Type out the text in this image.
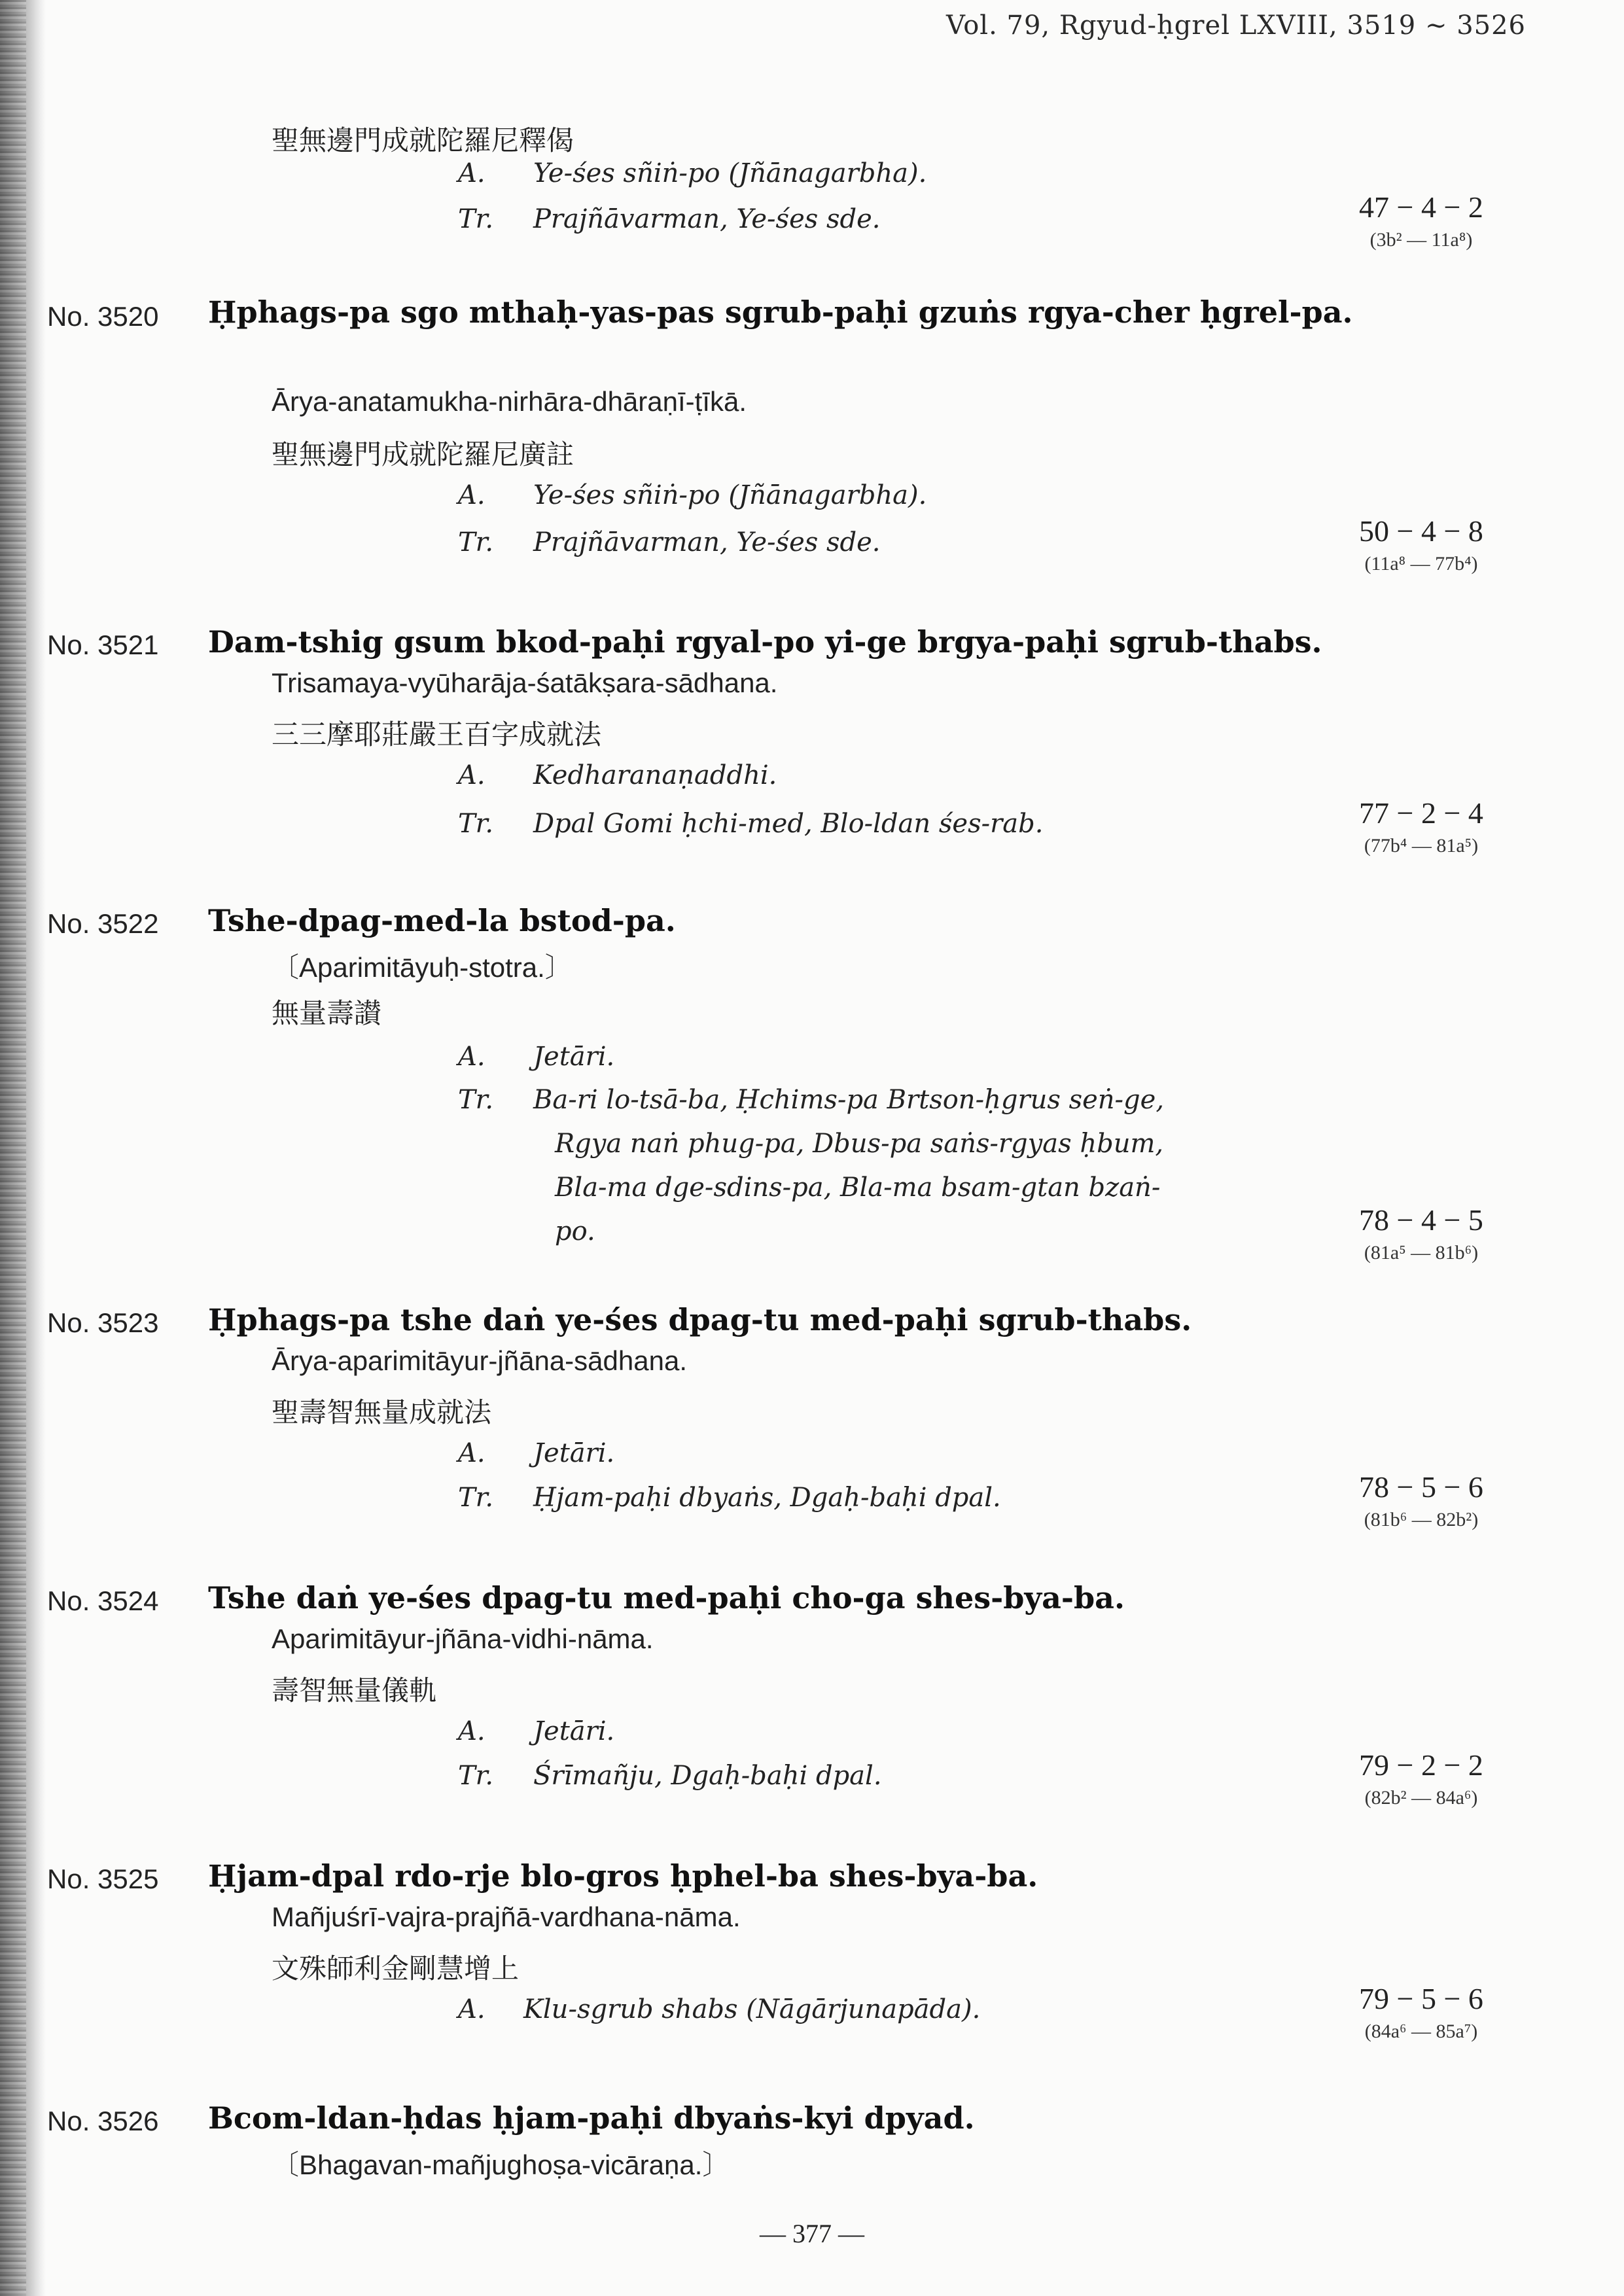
Vol. 79, Rgyud-ḥgrel LXVIII, 3519 ∼ 3526
聖無邊門成就陀羅尼釋偈
A.	Ye-śes sñiṅ-po (Jñānagarbha).
Tr. Prajñāvarman, Ye-śes sde.	47 − 4 − 2
(3b² — 11a⁸)
No. 3520 Ḥphags-pa sgo mthaḥ-yas-pas sgrub-paḥi gzuṅs rgya-cher ḥgrel-pa.
Ārya-anatamukha-nirhāra-dhāraṇī-ṭīkā.
聖無邊門成就陀羅尼廣註
A.	Ye-śes sñiṅ-po (Jñānagarbha).
Tr. Prajñāvarman, Ye-śes sde.	50 − 4 − 8
(11a⁸ — 77b⁴)
No. 3521 Dam-tshig gsum bkod-paḥi rgyal-po yi-ge brgya-paḥi sgrub-thabs.
Trisamaya-vyūharāja-śatākṣara-sādhana.
三三摩耶莊嚴王百字成就法
A.	Kedharanaṇaddhi.
Tr. Dpal Gomi ḥchi-med, Blo-ldan śes-rab.	77 − 2 − 4
(77b⁴ — 81a⁵)
No. 3522 Tshe-dpag-med-la bstod-pa.
〔Aparimitāyuḥ-stotra.〕
無量壽讃
A.	Jetāri.
Tr. Ba-ri lo-tsā-ba, Ḥchims-pa Brtson-ḥgrus seṅ-ge,
Rgya naṅ phug-pa, Dbus-pa saṅs-rgyas ḥbum,
Bla-ma dge-sdins-pa, Bla-ma bsam-gtan bzaṅ-
po.	78 − 4 − 5
(81a⁵ — 81b⁶)
No. 3523 Ḥphags-pa tshe daṅ ye-śes dpag-tu med-paḥi sgrub-thabs.
Ārya-aparimitāyur-jñāna-sādhana.
聖壽智無量成就法
A.	Jetāri.
Tr. Ḥjam-paḥi dbyaṅs, Dgaḥ-baḥi dpal.	78 − 5 − 6
(81b⁶ — 82b²)
No. 3524 Tshe daṅ ye-śes dpag-tu med-paḥi cho-ga shes-bya-ba.
Aparimitāyur-jñāna-vidhi-nāma.
壽智無量儀軌
A.	Jetāri.
Tr. Śrīmañju, Dgaḥ-baḥi dpal.	79 − 2 − 2
(82b² — 84a⁶)
No. 3525 Ḥjam-dpal rdo-rje blo-gros ḥphel-ba shes-bya-ba.
Mañjuśrī-vajra-prajñā-vardhana-nāma.
文殊師利金剛慧增上
A.	Klu-sgrub shabs (Nāgārjunapāda).	79 − 5 − 6
(84a⁶ — 85a⁷)
No. 3526 Bcom-ldan-ḥdas ḥjam-paḥi dbyaṅs-kyi dpyad.
〔Bhagavan-mañjughoṣa-vicāraṇa.〕
— 377 —
